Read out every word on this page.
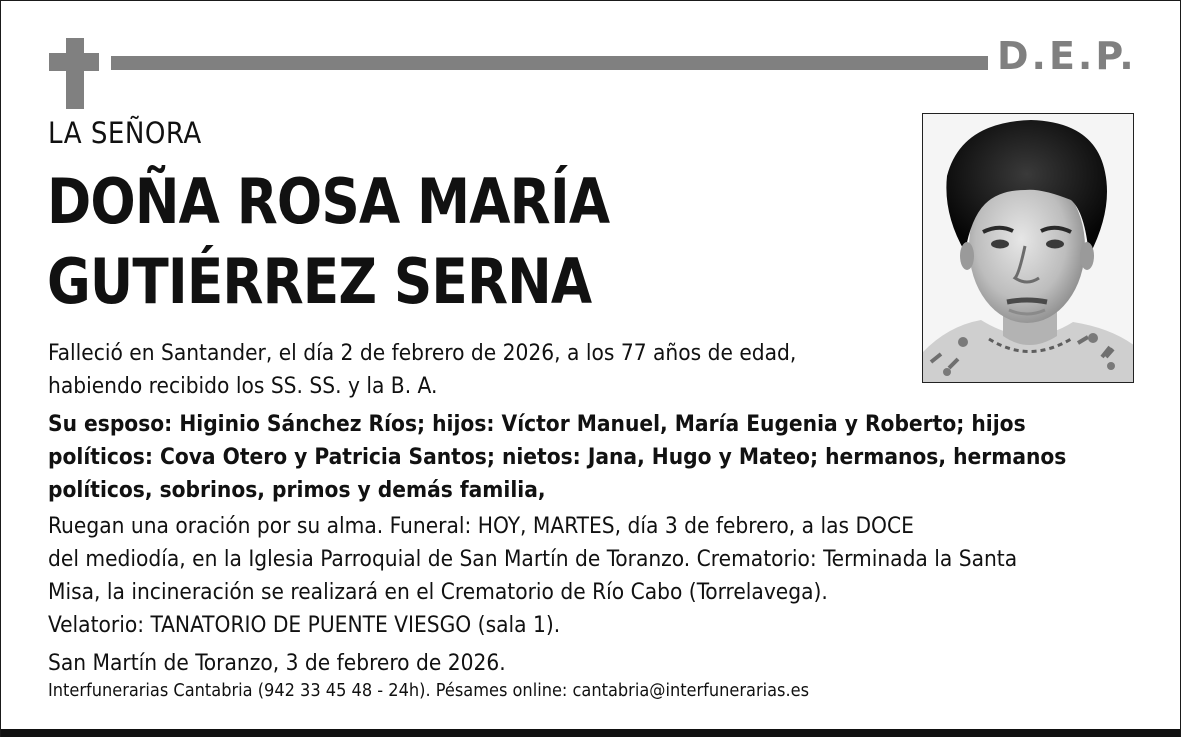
D.E.P.
LA SEÑORA
DOÑA ROSA MARÍA
GUTIÉRREZ SERNA
Falleció en Santander, el día 2 de febrero de 2026, a los 77 años de edad,
habiendo recibido los SS. SS. y la B. A.
Su esposo: Higinio Sánchez Ríos; hijos: Víctor Manuel, María Eugenia y Roberto; hijos
políticos: Cova Otero y Patricia Santos; nietos: Jana, Hugo y Mateo; hermanos, hermanos
políticos, sobrinos, primos y demás familia,
Ruegan una oración por su alma. Funeral: HOY, MARTES, día 3 de febrero, a las DOCE
del mediodía, en la Iglesia Parroquial de San Martín de Toranzo. Crematorio: Terminada la Santa
Misa, la incineración se realizará en el Crematorio de Río Cabo (Torrelavega).
Velatorio: TANATORIO DE PUENTE VIESGO (sala 1).
San Martín de Toranzo, 3 de febrero de 2026.
Interfunerarias Cantabria (942 33 45 48 - 24h). Pésames online: cantabria@interfunerarias.es
